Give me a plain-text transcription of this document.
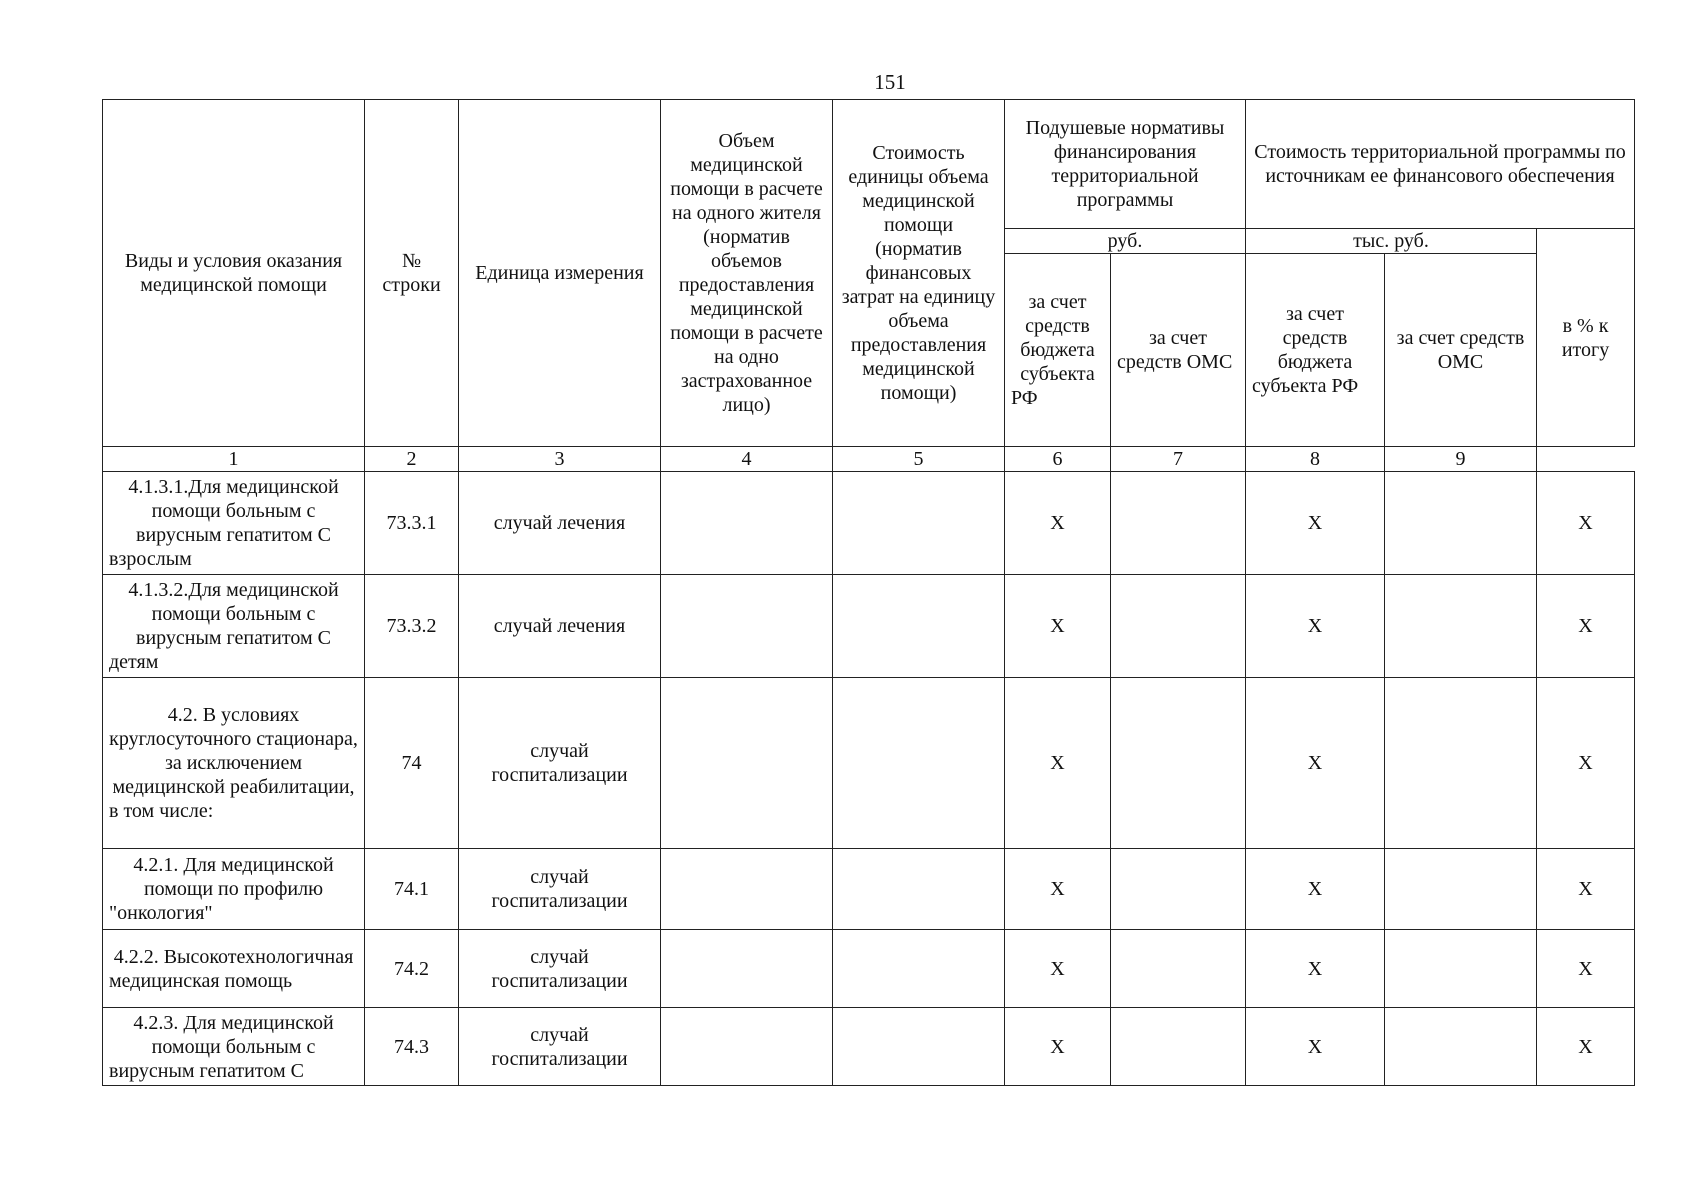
151
Виды и условия оказания медицинской помощи	№ строки	Единица измерения	Объем медицинской помощи в расчете на одного жителя (норматив объемов предоставления медицинской помощи в расчете на одно застрахованное лицо)	Стоимость единицы объема медицинской помощи (норматив финансовых затрат на единицу объема предоставления медицинской помощи)	Подушевые нормативы финансирования территориальной программы		Стоимость территориальной программы по источникам ее финансового обеспечения		
					руб.		тыс. руб.		в % к итогу
					за счет средств бюджета субъекта РФ	за счет средств ОМС	за счет средств бюджета субъекта РФ	за счет средств ОМС	
1	2	3	4	5	6	7	8	9	
4.1.3.1.Для медицинской помощи больным с вирусным гепатитом С взрослым	73.3.1	случай лечения			X		X		X
4.1.3.2.Для медицинской помощи больным с вирусным гепатитом С детям	73.3.2	случай лечения			X		X		X
4.2. В условиях круглосуточного стационара, за исключением медицинской реабилитации, в том числе:	74	случай госпитализации			X		X		X
4.2.1. Для медицинской помощи по профилю "онкология"	74.1	случай госпитализации			X		X		X
4.2.2. Высокотехнологичная медицинская помощь	74.2	случай госпитализации			X		X		X
4.2.3. Для медицинской помощи больным с вирусным гепатитом С	74.3	случай госпитализации			X		X		X
